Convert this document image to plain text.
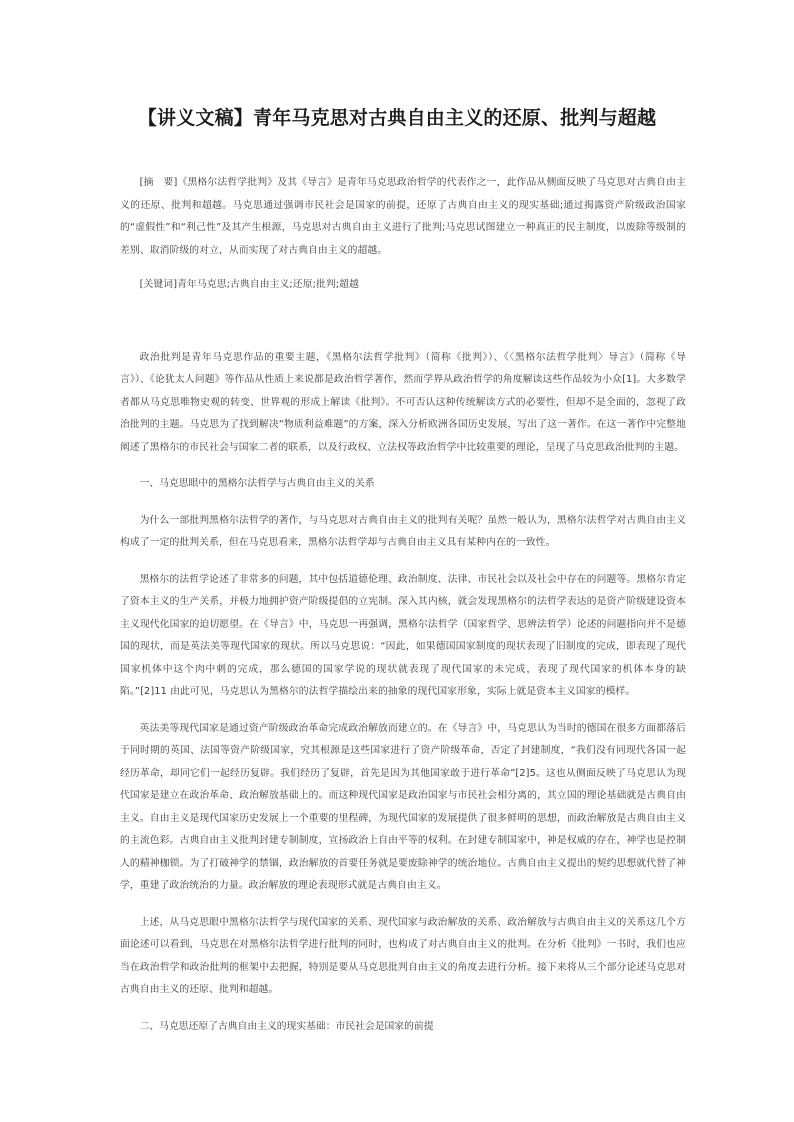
【讲义文稿】青年马克思对古典自由主义的还原、批判与超越

[摘　要]《黑格尔法哲学批判》及其《导言》是青年马克思政治哲学的代表作之一，此作品从侧面反映了马克思对古典自由主义的还原、批判和超越。马克思通过强调市民社会是国家的前提，还原了古典自由主义的现实基础;通过揭露资产阶级政治国家的“虚假性”和“利己性”及其产生根源，马克思对古典自由主义进行了批判;马克思试图建立一种真正的民主制度，以废除等级制的差别、取消阶级的对立，从而实现了对古典自由主义的超越。

[关键词]青年马克思;古典自由主义;还原;批判;超越

政治批判是青年马克思作品的重要主题，《黑格尔法哲学批判》（简称《批判》）、《〈黑格尔法哲学批判〉导言》（简称《导言》）、《论犹太人问题》等作品从性质上来说都是政治哲学著作，然而学界从政治哲学的角度解读这些作品较为小众[1]。大多数学者都从马克思唯物史观的转变、世界观的形成上解读《批判》。不可否认这种传统解读方式的必要性，但却不是全面的，忽视了政治批判的主题。马克思为了找到解决“物质利益难题”的方案，深入分析欧洲各国历史发展，写出了这一著作。在这一著作中完整地阐述了黑格尔的市民社会与国家二者的联系，以及行政权、立法权等政治哲学中比较重要的理论，呈现了马克思政治批判的主题。

一、马克思眼中的黑格尔法哲学与古典自由主义的关系

为什么一部批判黑格尔法哲学的著作，与马克思对古典自由主义的批判有关呢？虽然一般认为，黑格尔法哲学对古典自由主义构成了一定的批判关系，但在马克思看来，黑格尔法哲学却与古典自由主义具有某种内在的一致性。

黑格尔的法哲学论述了非常多的问题，其中包括道德伦理、政治制度、法律、市民社会以及社会中存在的问题等。黑格尔肯定了资本主义的生产关系，并极力地拥护资产阶级提倡的立宪制。深入其内核，就会发现黑格尔的法哲学表达的是资产阶级建设资本主义现代化国家的迫切愿望。在《导言》中，马克思一再强调，黑格尔法哲学（国家哲学、思辨法哲学）论述的问题指向并不是德国的现状，而是英法美等现代国家的现状。所以马克思说：“因此，如果德国国家制度的现状表现了旧制度的完成，即表现了现代国家机体中这个肉中刺的完成，那么德国的国家学说的现状就表现了现代国家的未完成，表现了现代国家的机体本身的缺陷。”[2]11 由此可见，马克思认为黑格尔的法哲学描绘出来的抽象的现代国家形象，实际上就是资本主义国家的模样。

英法美等现代国家是通过资产阶级政治革命完成政治解放而建立的。在《导言》中，马克思认为当时的德国在很多方面都落后于同时期的英国、法国等资产阶级国家，究其根源是这些国家进行了资产阶级革命，否定了封建制度，“我们没有同现代各国一起经历革命，却同它们一起经历复辟。我们经历了复辟，首先是因为其他国家敢于进行革命”[2]5。这也从侧面反映了马克思认为现代国家是建立在政治革命、政治解放基础上的。而这种现代国家是政治国家与市民社会相分离的，其立国的理论基础就是古典自由主义。自由主义是现代国家历史发展上一个重要的里程碑，为现代国家的发展提供了很多鲜明的思想，而政治解放是古典自由主义的主流色彩。古典自由主义批判封建专制制度，宣扬政治上自由平等的权利。在封建专制国家中，神是权威的存在，神学也是控制人的精神枷锁。为了打破神学的禁锢，政治解放的首要任务就是要废除神学的统治地位。古典自由主义提出的契约思想就代替了神学，重建了政治统治的力量。政治解放的理论表现形式就是古典自由主义。

上述，从马克思眼中黑格尔法哲学与现代国家的关系、现代国家与政治解放的关系、政治解放与古典自由主义的关系这几个方面论述可以看到，马克思在对黑格尔法哲学进行批判的同时，也构成了对古典自由主义的批判。在分析《批判》一书时，我们也应当在政治哲学和政治批判的框架中去把握，特别是要从马克思批判自由主义的角度去进行分析。接下来将从三个部分论述马克思对古典自由主义的还原、批判和超越。

二、马克思还原了古典自由主义的现实基础：市民社会是国家的前提
